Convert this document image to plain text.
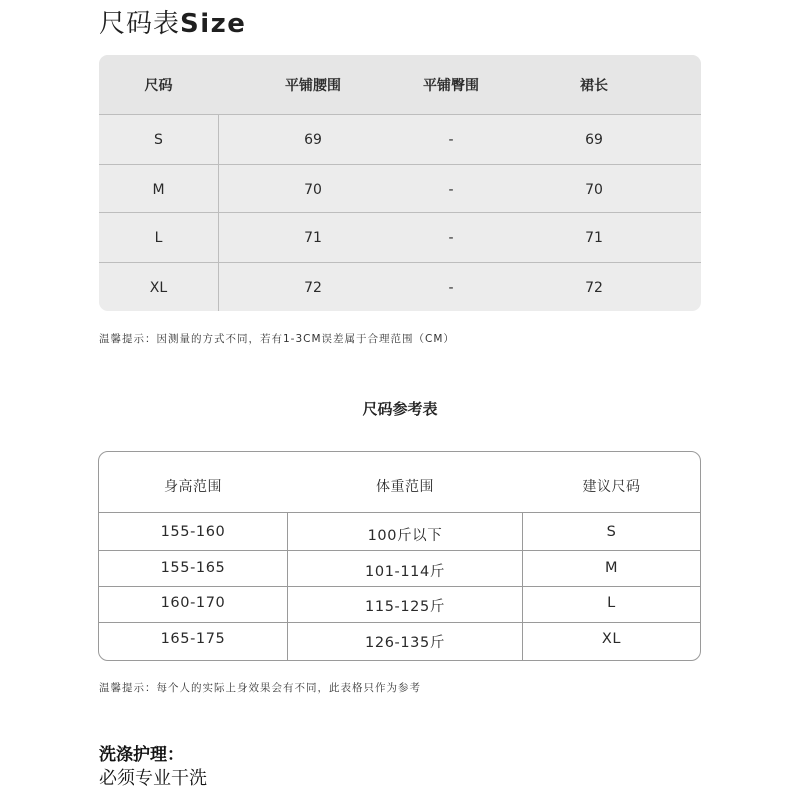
尺码表Size
尺码	平铺腰围	平铺臀围	裙长
S	69	-	69
M	70	-	70
L	71	-	71
XL	72	-	72
温馨提示：因测量的方式不同，若有1-3CM误差属于合理范围（CM）
尺码参考表
身高范围	体重范围	建议尺码
155-160	100斤以下	S
155-165	101-114斤	M
160-170	115-125斤	L
165-175	126-135斤	XL
温馨提示：每个人的实际上身效果会有不同，此表格只作为参考
洗涤护理：
必须专业干洗
